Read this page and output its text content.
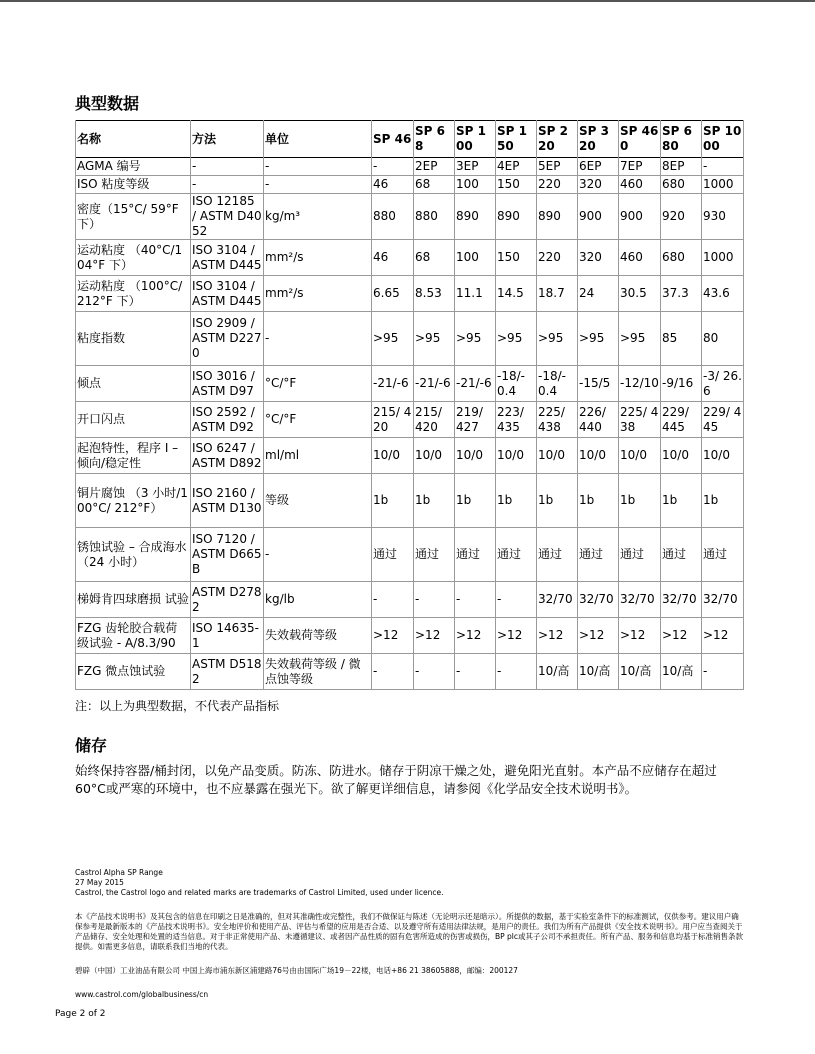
典型数据
名称	方法	单位	SP 46	SP 68	SP 100	SP 150	SP 220	SP 320	SP 460	SP 680	SP 1000
AGMA 编号	-	-	-	2EP	3EP	4EP	5EP	6EP	7EP	8EP	-
ISO 粘度等级	-	-	46	68	100	150	220	320	460	680	1000
密度（15°C/ 59°F 下）	ISO 12185 / ASTM D4052	kg/m³	880	880	890	890	890	900	900	920	930
运动粘度 （40°C/104°F 下）	ISO 3104 / ASTM D445	mm²/s	46	68	100	150	220	320	460	680	1000
运动粘度 （100°C/212°F 下）	ISO 3104 / ASTM D445	mm²/s	6.65	8.53	11.1	14.5	18.7	24	30.5	37.3	43.6
粘度指数	ISO 2909 / ASTM D2270	-	>95	>95	>95	>95	>95	>95	>95	85	80
倾点	ISO 3016 / ASTM D97	°C/°F	-21/-6	-21/-6	-21/-6	-18/-0.4	-18/-0.4	-15/5	-12/10	-9/16	-3/ 26.6
开口闪点	ISO 2592 / ASTM D92	°C/°F	215/ 420	215/ 420	219/ 427	223/ 435	225/ 438	226/ 440	225/ 438	229/ 445	229/ 445
起泡特性，程序 I – 倾向/稳定性	ISO 6247 / ASTM D892	ml/ml	10/0	10/0	10/0	10/0	10/0	10/0	10/0	10/0	10/0
铜片腐蚀 （3 小时/100°C/ 212°F）	ISO 2160 / ASTM D130	等级	1b	1b	1b	1b	1b	1b	1b	1b	1b
锈蚀试验 – 合成海水 （24 小时）	ISO 7120 / ASTM D665B	-	通过	通过	通过	通过	通过	通过	通过	通过	通过
梯姆肯四球磨损 试验	ASTM D2782	kg/lb	-	-	-	-	32/70	32/70	32/70	32/70	32/70
FZG 齿轮胶合载荷 级试验 - A/8.3/90	ISO 14635-1	失效载荷等级	>12	>12	>12	>12	>12	>12	>12	>12	>12
FZG 微点蚀试验	ASTM D5182	失效载荷等级 / 微点蚀等级	-	-	-	-	10/高	10/高	10/高	10/高	-
注：以上为典型数据，不代表产品指标
储存
始终保持容器/桶封闭，以免产品变质。防冻、防进水。储存于阴凉干燥之处，避免阳光直射。本产品不应储存在超过60°C或严寒的环境中，也不应暴露在强光下。欲了解更详细信息，请参阅《化学品安全技术说明书》。
Castrol Alpha SP Range
27 May 2015
Castrol, the Castrol logo and related marks are trademarks of Castrol Limited, used under licence.
本《产品技术说明书》及其包含的信息在印刷之日是准确的，但对其准确性或完整性，我们不做保证与陈述（无论明示还是暗示）。所提供的数据，基于实验室条件下的标准测试，仅供参考。建议用户确保参考是最新版本的《产品技术说明书》。安全地评价和使用产品、评估与希望的应用是否合适、以及遵守所有适用法律法规，是用户的责任。我们为所有产品提供《安全技术说明书》。用户应当查阅关于产品储存、安全处理和处置的适当信息。对于非正常使用产品、未遵循建议、或者因产品性质的固有危害所造成的伤害或损伤，BP plc或其子公司不承担责任。所有产品、服务和信息均基于标准销售条款提供。如需更多信息，请联系我们当地的代表。
碧辟（中国）工业油品有限公司 中国上海市浦东新区浦建路76号由由国际广场19－22楼，电话+86 21 38605888，邮编：200127
www.castrol.com/globalbusiness/cn
Page 2 of 2
